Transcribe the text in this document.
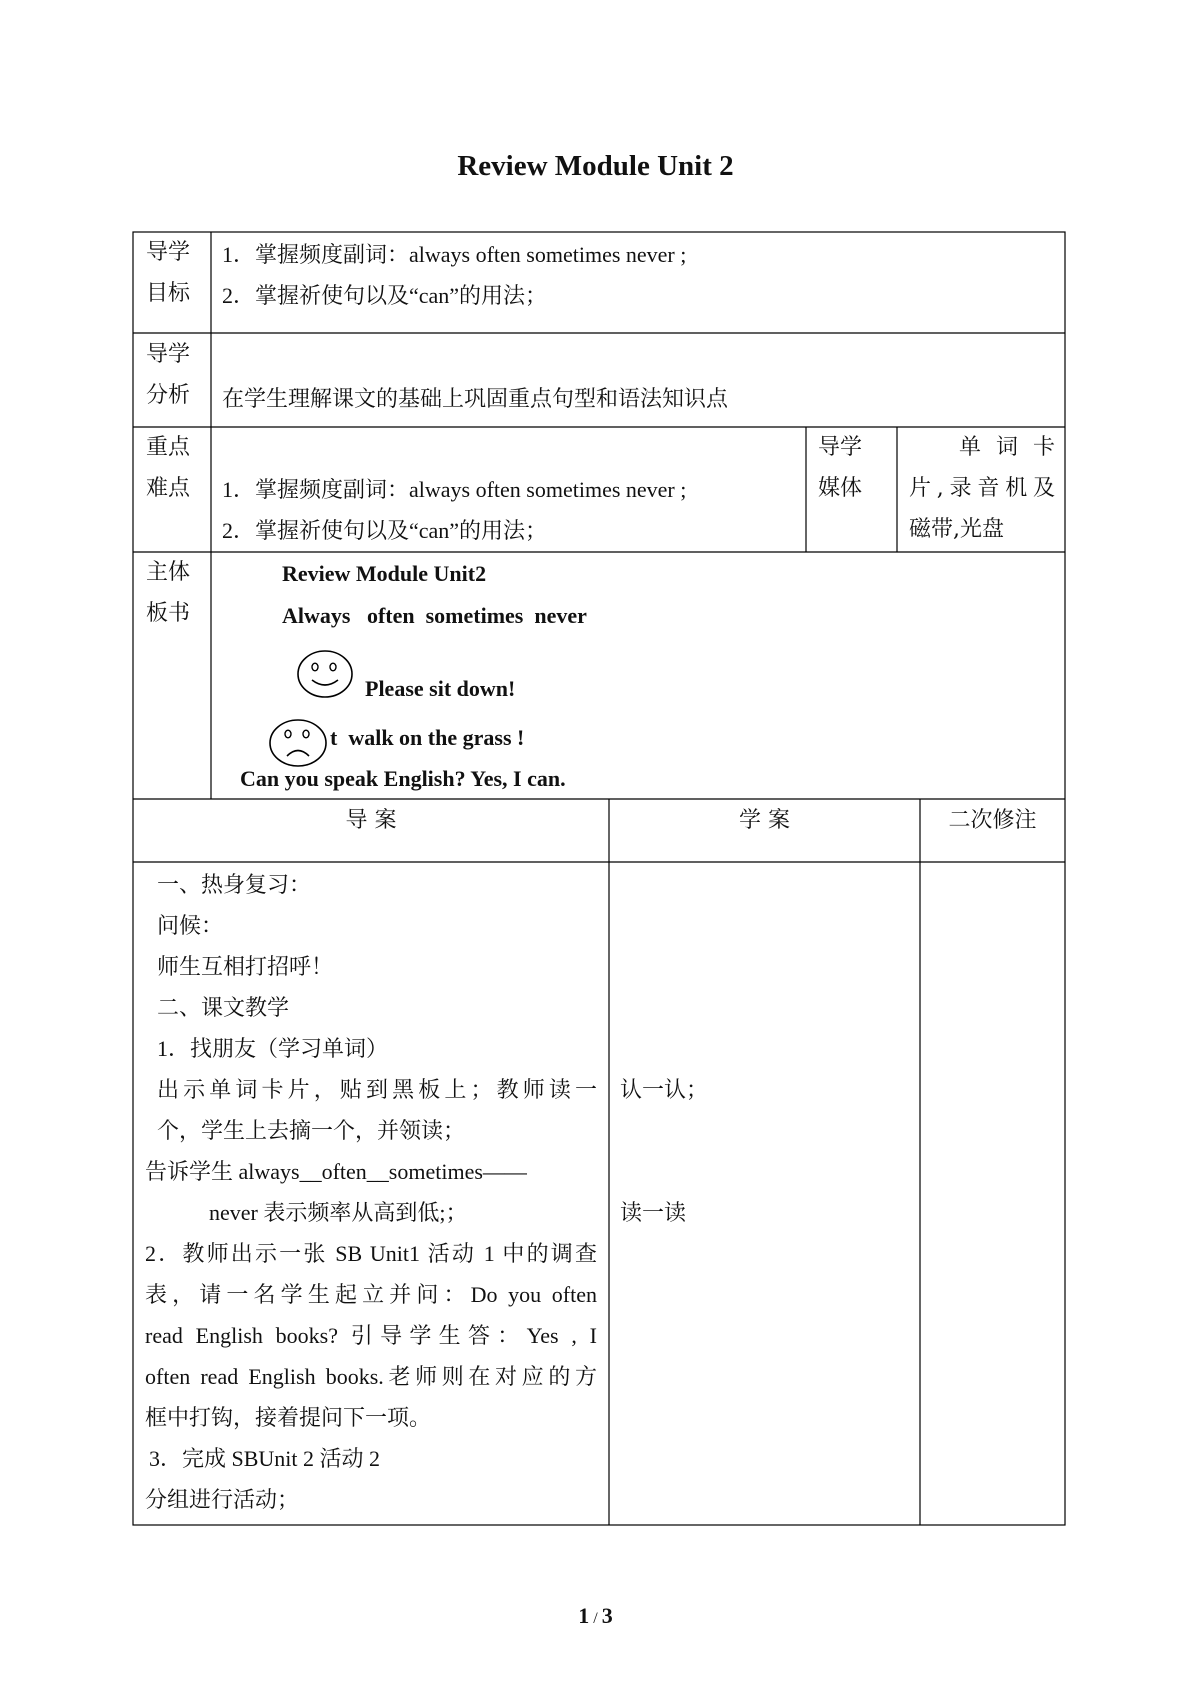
Review Module Unit 2
导学
目标
1．掌握频度副词：always often sometimes never ;
2．掌握祈使句以及“can”的用法；
导学
分析 在学生理解课文的基础上巩固重点句型和语法知识点
重点
难点 1．掌握频度副词：always often sometimes never ;
2．掌握祈使句以及“can”的用法；
导学
媒体
单 词 卡
片,录音机及
磁带,光盘
主体
板书
Review Module Unit2
Always   often  sometimes  never
Please sit down!
t  walk on the grass !
Can you speak English? Yes, I can.
导 案	学 案	二次修注
一、热身复习：
问候：
师生互相打招呼！
二、课文教学
1．找朋友（学习单词）
出示单词卡片，贴到黑板上；教师读一
个，学生上去摘一个，并领读；
告诉学生 always__often__sometimes——
never 表示频率从高到低;；
2．教师出示一张 SB Unit1 活动 1 中的调查
表，请一名学生起立并问：Do you often
read English books? 引导学生答：Yes , I
often read English books.老师则在对应的方
框中打钩，接着提问下一项。
3．完成 SBUnit 2 活动 2
分组进行活动；
认一认；
读一读
1 / 3
